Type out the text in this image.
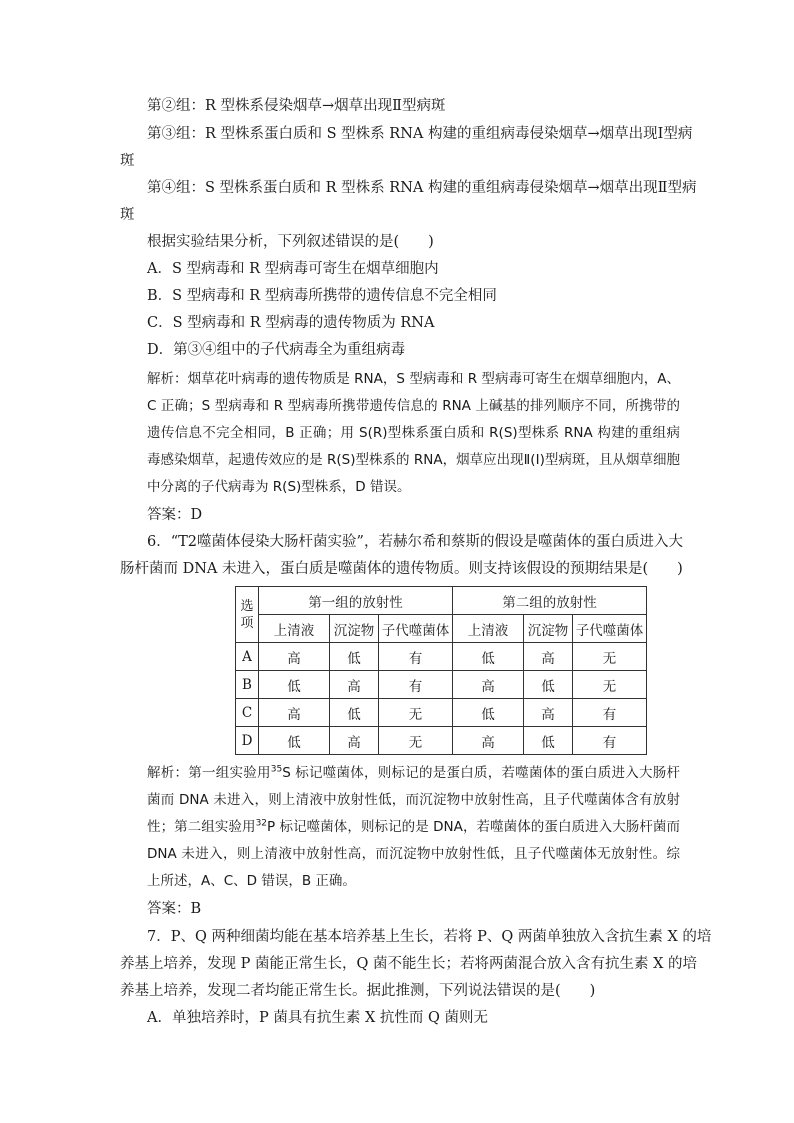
第②组：R 型株系侵染烟草→烟草出现Ⅱ型病斑
第③组：R 型株系蛋白质和 S 型株系 RNA 构建的重组病毒侵染烟草→烟草出现Ⅰ型病
斑
第④组：S 型株系蛋白质和 R 型株系 RNA 构建的重组病毒侵染烟草→烟草出现Ⅱ型病
斑
根据实验结果分析，下列叙述错误的是(　　)
A．S 型病毒和 R 型病毒可寄生在烟草细胞内
B．S 型病毒和 R 型病毒所携带的遗传信息不完全相同
C．S 型病毒和 R 型病毒的遗传物质为 RNA
D．第③④组中的子代病毒全为重组病毒
解析：烟草花叶病毒的遗传物质是 RNA，S 型病毒和 R 型病毒可寄生在烟草细胞内，A、C 正确；S 型病毒和 R 型病毒所携带遗传信息的 RNA 上碱基的排列顺序不同，所携带的遗传信息不完全相同，B 正确；用 S(R)型株系蛋白质和 R(S)型株系 RNA 构建的重组病毒感染烟草，起遗传效应的是 R(S)型株系的 RNA，烟草应出现Ⅱ(Ⅰ)型病斑，且从烟草细胞中分离的子代病毒为 R(S)型株系，D 错误。
答案：D
6．“T2噬菌体侵染大肠杆菌实验”，若赫尔希和蔡斯的假设是噬菌体的蛋白质进入大
肠杆菌而 DNA 未进入，蛋白质是噬菌体的遗传物质。则支持该假设的预期结果是(　　)
选项	第一组的放射性			第二组的放射性		
	上清液	沉淀物	子代噬菌体	上清液	沉淀物	子代噬菌体
A	高	低	有	低	高	无
B	低	高	有	高	低	无
C	高	低	无	低	高	有
D	低	高	无	高	低	有
解析：第一组实验用$^{35}$S 标记噬菌体，则标记的是蛋白质，若噬菌体的蛋白质进入大肠杆菌而 DNA 未进入，则上清液中放射性低，而沉淀物中放射性高，且子代噬菌体含有放射性；第二组实验用$^{32}$P 标记噬菌体，则标记的是 DNA，若噬菌体的蛋白质进入大肠杆菌而 DNA 未进入，则上清液中放射性高，而沉淀物中放射性低，且子代噬菌体无放射性。综上所述，A、C、D 错误，B 正确。
答案：B
7．P、Q 两种细菌均能在基本培养基上生长，若将 P、Q 两菌单独放入含抗生素 X 的培
养基上培养，发现 P 菌能正常生长，Q 菌不能生长；若将两菌混合放入含有抗生素 X 的培
养基上培养，发现二者均能正常生长。据此推测，下列说法错误的是(　　)
A．单独培养时，P 菌具有抗生素 X 抗性而 Q 菌则无
